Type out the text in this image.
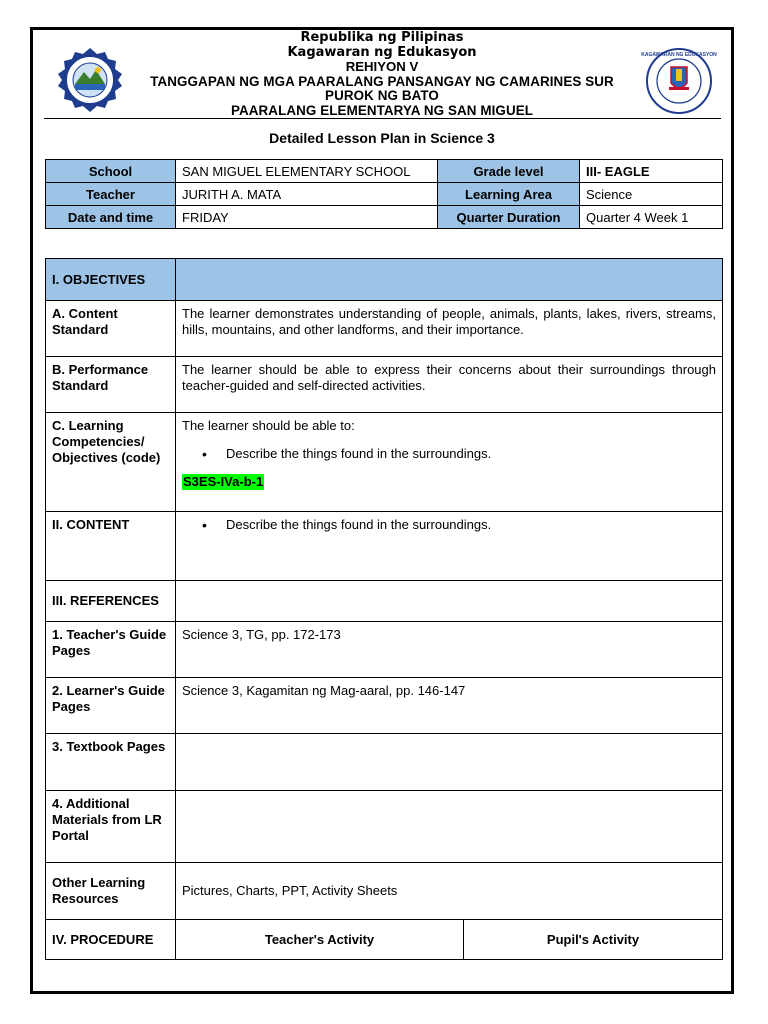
KAGAWARAN NG EDUKASYON
Republika ng Pilipinas
Kagawaran ng Edukasyon
REHIYON V
TANGGAPAN NG MGA PAARALANG PANSANGAY NG CAMARINES SUR
PUROK NG BATO
PAARALANG ELEMENTARYA NG SAN MIGUEL
Detailed Lesson Plan in Science 3
School	SAN MIGUEL ELEMENTARY SCHOOL	Grade level	III- EAGLE
Teacher	JURITH A. MATA	Learning Area	Science
Date and time	FRIDAY	Quarter Duration	Quarter 4 Week 1
I. OBJECTIVES		
A. Content Standard	The learner demonstrates understanding of people, animals, plants, lakes, rivers, streams, hills, mountains, and other landforms, and their importance.	
B. Performance Standard	The learner should be able to express their concerns about their surroundings through teacher-guided and self-directed activities.	
C. Learning Competencies/ Objectives (code)	The learner should be able to:
• Describe the things found in the surroundings.
S3ES-IVa-b-1	
II. CONTENT	• Describe the things found in the surroundings.	

III. REFERENCES		
1. Teacher's Guide Pages	Science 3, TG, pp. 172-173	
2. Learner's Guide Pages	Science 3, Kagamitan ng Mag-aaral, pp. 146-147	
3. Textbook Pages		
4. Additional Materials from LR Portal		
Other Learning Resources	Pictures, Charts, PPT, Activity Sheets	
IV. PROCEDURE	Teacher's Activity	Pupil's Activity
